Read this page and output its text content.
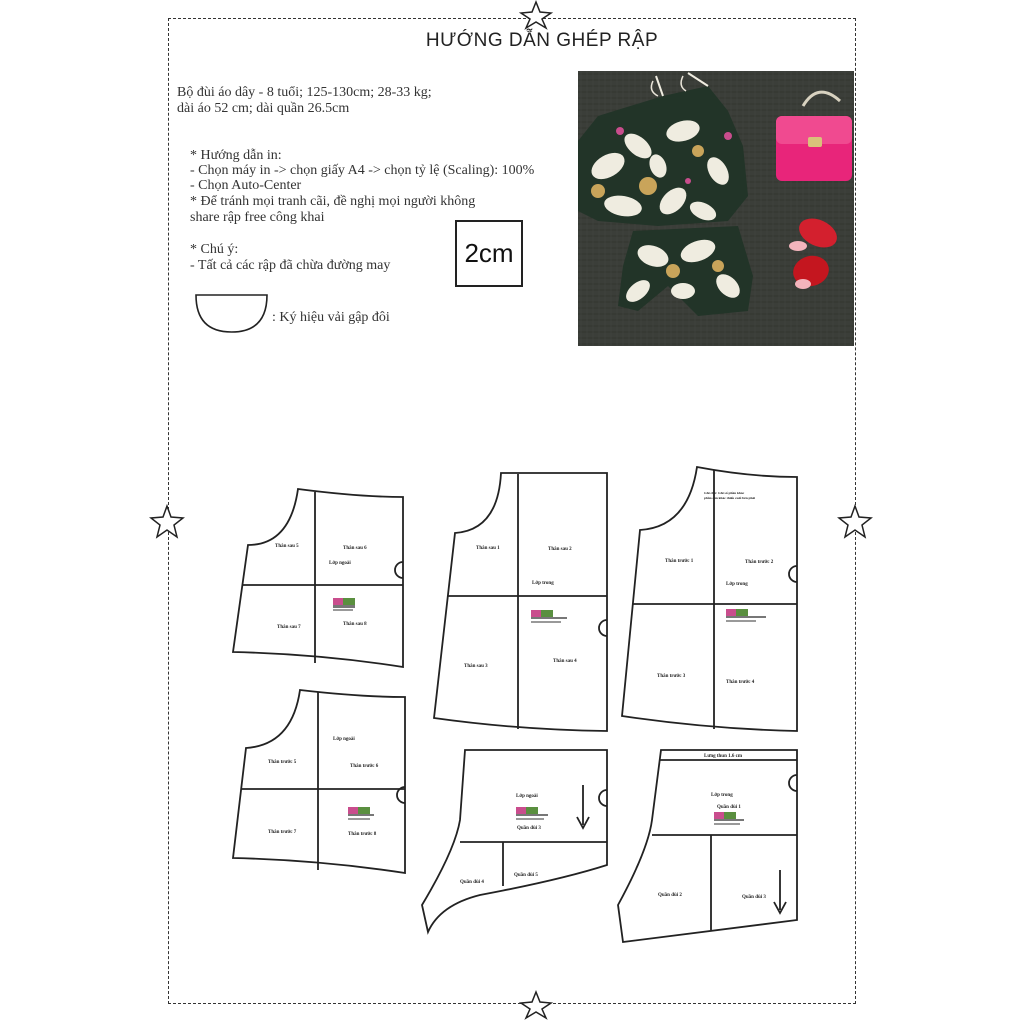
HƯỚNG DẪN GHÉP RẬP
Bộ đùi áo dây - 8 tuổi; 125-130cm; 28-33 kg;
dài áo 52 cm; dài quần 26.5cm
* Hướng dẫn in:
- Chọn máy in -> chọn giấy A4 -> chọn tỷ lệ (Scaling): 100%
- Chọn Auto-Center
* Để tránh mọi tranh cãi, đề nghị mọi người không
share rập free công khai
* Chú ý:
- Tất cả các rập đã chừa đường may
: Ký hiệu vải gập đôi
2cm
Thân sau 5	Thân sau 6
Lớp ngoài
Thân sau 7
Thân sau 8
Thân sau 1	Thân sau 2
Lớp trong
Thân sau 3
Thân sau 4
Ghi chú: Ghi số phần khác
phần cần khác thiếu cuối bên phải
Thân trước 1	Thân trước 2
Lớp trong
Thân trước 3
Thân trước 4
Lớp ngoài
Thân trước 5
Thân trước 6
Thân trước 7	Thân trước 8
Lớp ngoài
Quần đùi 3
Quần đùi 4
Quần đùi 5
Lưng thun 1.6 cm
Lớp trong
Quần đùi 1
Quần đùi 2	Quần đùi 3
